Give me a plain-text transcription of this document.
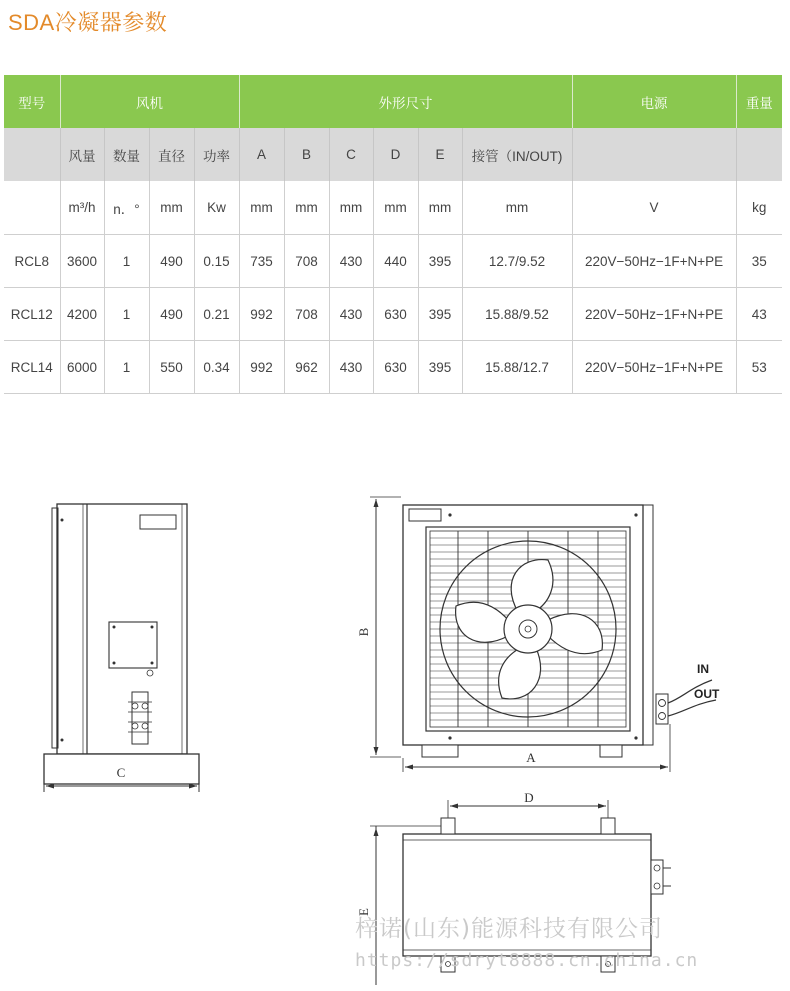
SDA冷凝器参数
型号	风机				外形尺寸						电源	重量
	风量	数量	直径	功率	A	B	C	D	E	接管（IN/OUT)		
	m³/h	n．°	mm	Kw	mm	mm	mm	mm	mm	mm	V	kg
RCL8	3600	1	490	0.15	735	708	430	440	395	12.7/9.52	220V−50Hz−1F+N+PE	35
RCL12	4200	1	490	0.21	992	708	430	630	395	15.88/9.52	220V−50Hz−1F+N+PE	43
RCL14	6000	1	550	0.34	992	962	430	630	395	15.88/12.7	220V−50Hz−1F+N+PE	53
C
IN
OUT
B
A
D
E
梓诺(山东)能源科技有限公司
https://sdryt8888.cn.china.cn
